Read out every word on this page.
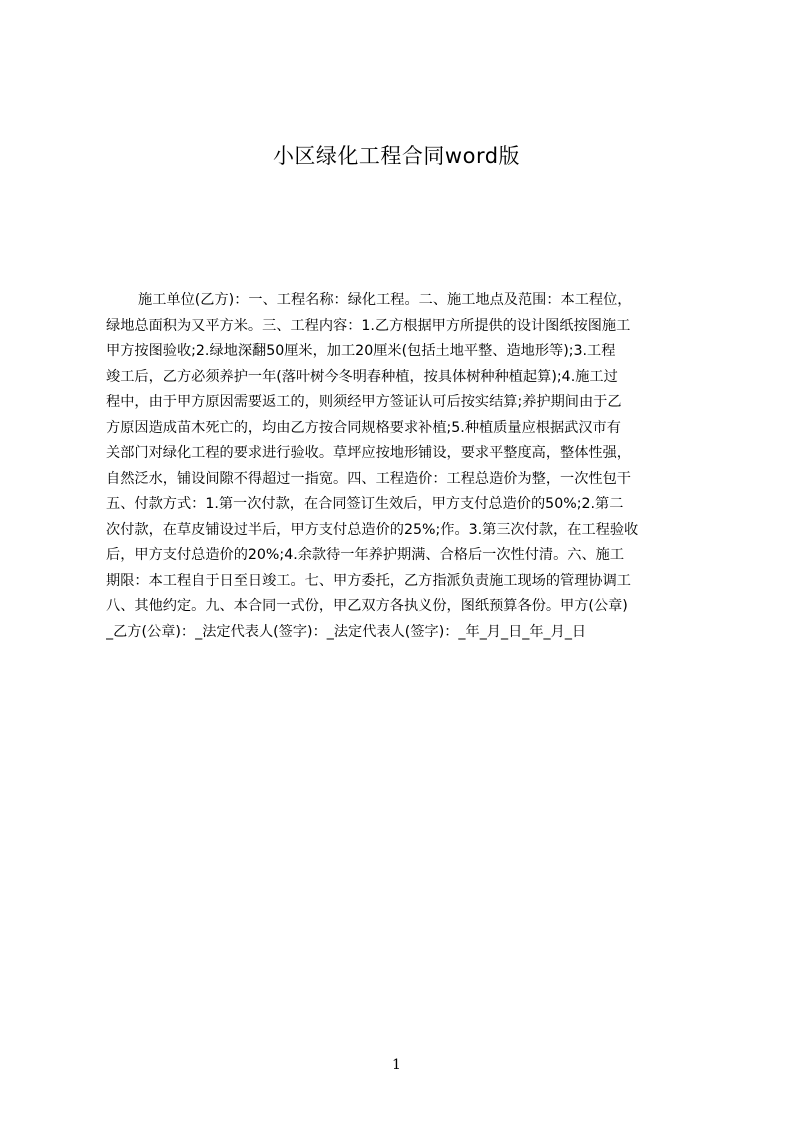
小区绿化工程合同word版
施工单位(乙方)：一、工程名称：绿化工程。二、施工地点及范围：本工程位，
绿地总面积为又平方米。三、工程内容：1.乙方根据甲方所提供的设计图纸按图施工
甲方按图验收;2.绿地深翻50厘米，加工20厘米(包括土地平整、造地形等);3.工程
竣工后，乙方必须养护一年(落叶树今冬明春种植，按具体树种种植起算);4.施工过
程中，由于甲方原因需要返工的，则须经甲方签证认可后按实结算;养护期间由于乙
方原因造成苗木死亡的，均由乙方按合同规格要求补植;5.种植质量应根据武汉市有
关部门对绿化工程的要求进行验收。草坪应按地形铺设，要求平整度高，整体性强，
自然泛水，铺设间隙不得超过一指宽。四、工程造价：工程总造价为整，一次性包干
五、付款方式：1.第一次付款，在合同签订生效后，甲方支付总造价的50%;2.第二
次付款，在草皮铺设过半后，甲方支付总造价的25%;作。3.第三次付款，在工程验收
后，甲方支付总造价的20%;4.余款待一年养护期满、合格后一次性付清。六、施工
期限：本工程自于日至日竣工。七、甲方委托，乙方指派负责施工现场的管理协调工
八、其他约定。九、本合同一式份，甲乙双方各执义份，图纸预算各份。甲方(公章)
_乙方(公章)：_法定代表人(签字)：_法定代表人(签字)：_年_月_日_年_月_日
1
